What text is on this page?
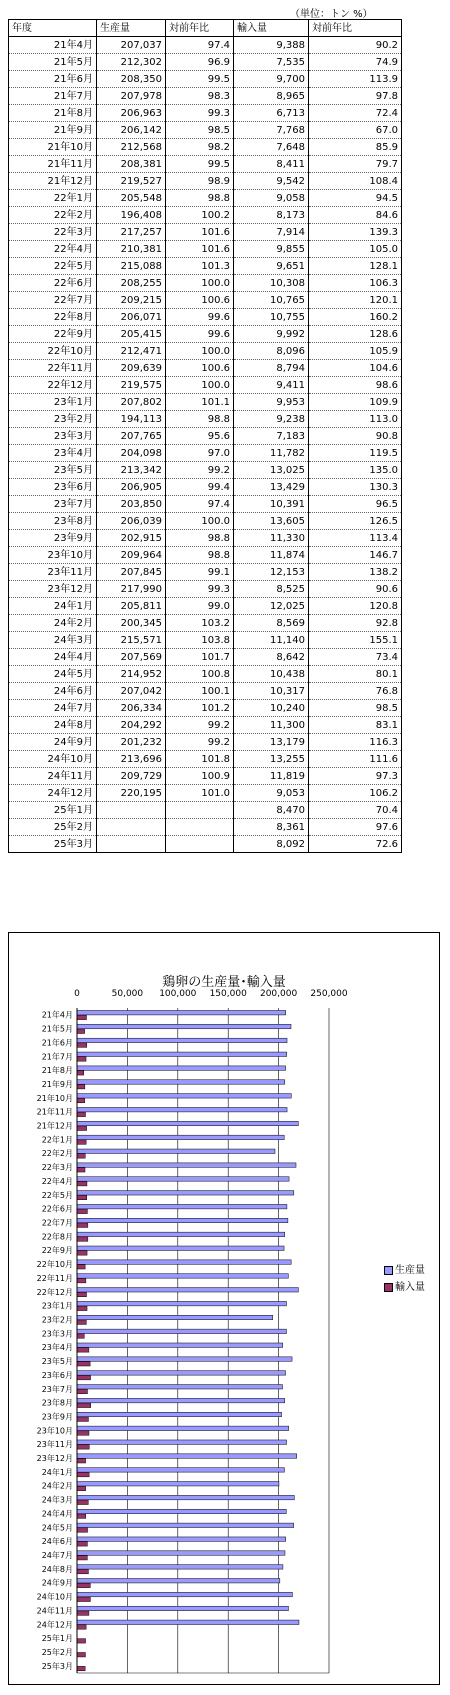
（単位：トン %）
年度	生産量	対前年比	輸入量	対前年比
21年4月	207,037	97.4	9,388	90.2
21年5月	212,302	96.9	7,535	74.9
21年6月	208,350	99.5	9,700	113.9
21年7月	207,978	98.3	8,965	97.8
21年8月	206,963	99.3	6,713	72.4
21年9月	206,142	98.5	7,768	67.0
21年10月	212,568	98.2	7,648	85.9
21年11月	208,381	99.5	8,411	79.7
21年12月	219,527	98.9	9,542	108.4
22年1月	205,548	98.8	9,058	94.5
22年2月	196,408	100.2	8,173	84.6
22年3月	217,257	101.6	7,914	139.3
22年4月	210,381	101.6	9,855	105.0
22年5月	215,088	101.3	9,651	128.1
22年6月	208,255	100.0	10,308	106.3
22年7月	209,215	100.6	10,765	120.1
22年8月	206,071	99.6	10,755	160.2
22年9月	205,415	99.6	9,992	128.6
22年10月	212,471	100.0	8,096	105.9
22年11月	209,639	100.6	8,794	104.6
22年12月	219,575	100.0	9,411	98.6
23年1月	207,802	101.1	9,953	109.9
23年2月	194,113	98.8	9,238	113.0
23年3月	207,765	95.6	7,183	90.8
23年4月	204,098	97.0	11,782	119.5
23年5月	213,342	99.2	13,025	135.0
23年6月	206,905	99.4	13,429	130.3
23年7月	203,850	97.4	10,391	96.5
23年8月	206,039	100.0	13,605	126.5
23年9月	202,915	98.8	11,330	113.4
23年10月	209,964	98.8	11,874	146.7
23年11月	207,845	99.1	12,153	138.2
23年12月	217,990	99.3	8,525	90.6
24年1月	205,811	99.0	12,025	120.8
24年2月	200,345	103.2	8,569	92.8
24年3月	215,571	103.8	11,140	155.1
24年4月	207,569	101.7	8,642	73.4
24年5月	214,952	100.8	10,438	80.1
24年6月	207,042	100.1	10,317	76.8
24年7月	206,334	101.2	10,240	98.5
24年8月	204,292	99.2	11,300	83.1
24年9月	201,232	99.2	13,179	116.3
24年10月	213,696	101.8	13,255	111.6
24年11月	209,729	100.9	11,819	97.3
24年12月	220,195	101.0	9,053	106.2
25年1月			8,470	70.4
25年2月			8,361	97.6
25年3月			8,092	72.6
鶏卵の生産量･輸入量
0	50,000 100,000 150,000 200,000 250,000
21年4月
21年5月
21年6月
21年7月
21年8月
21年9月
21年10月
21年11月
21年12月
22年1月
22年2月
22年3月
22年4月
22年5月
22年6月
22年7月
22年8月
22年9月
22年10月
22年11月
22年12月
23年1月
23年2月
23年3月
23年4月
23年5月
23年6月
23年7月
23年8月
23年9月
23年10月
23年11月
23年12月
24年1月
24年2月
24年3月
24年4月
24年5月
24年6月
24年7月
24年8月
24年9月
24年10月
24年11月
24年12月
25年1月
25年2月
25年3月
生産量
輸入量
